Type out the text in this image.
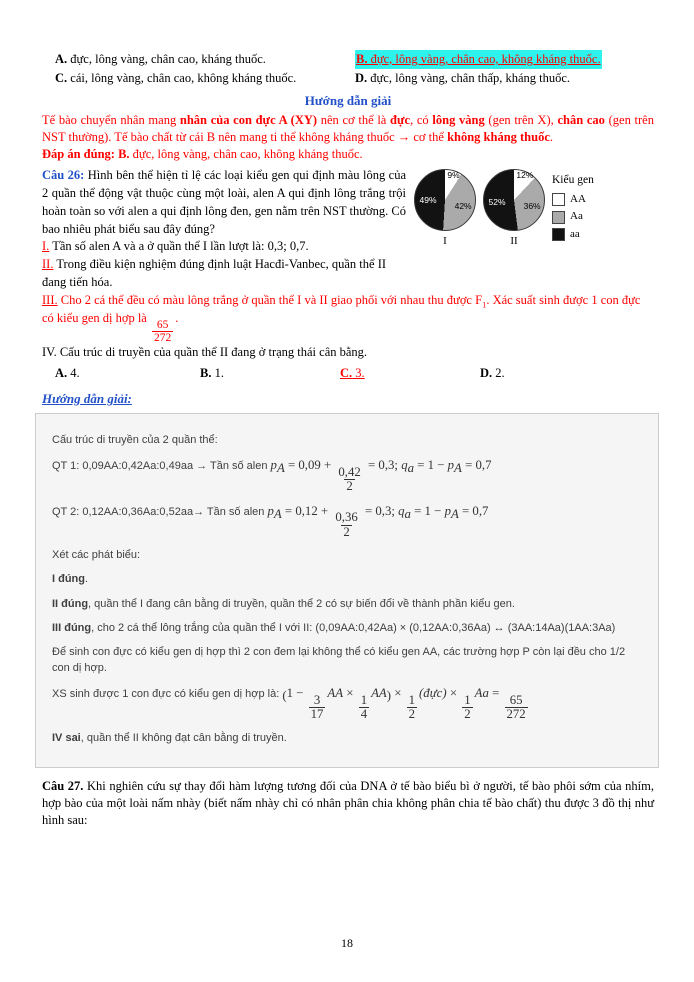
A. đực, lông vàng, chân cao, kháng thuốc.	B. đực, lông vàng, chân cao, không kháng thuốc.
C. cái, lông vàng, chân cao, không kháng thuốc.	D. đực, lông vàng, chân thấp, kháng thuốc.
Hướng dẫn giải

Tế bào chuyển nhân mang nhân của con đực A (XY) nên cơ thể là đực, có lông vàng (gen trên X), chân cao (gen trên NST thường). Tế bào chất từ cái B nên mang ti thể không kháng thuốc → cơ thể không kháng thuốc.

Đáp án đúng: B. đực, lông vàng, chân cao, không kháng thuốc.

9%
42%
49%
I
12%
36%
52%
II
Kiểu gen
AA
Aa
aa

Câu 26: Hình bên thể hiện tỉ lệ các loại kiểu gen qui định màu lông của 2 quần thể động vật thuộc cùng một loài, alen A qui định lông trắng trội hoàn toàn so với alen a qui định lông đen, gen nằm trên NST thường. Có bao nhiêu phát biểu sau đây đúng?

I. Tần số alen A và a ở quần thể I lần lượt là: 0,3; 0,7.

II. Trong điều kiện nghiệm đúng định luật Hacđi-Vanbec, quần thể II đang tiến hóa.

III. Cho 2 cá thể đều có màu lông trắng ở quần thể I và II giao phối với nhau thu được $F_1$. Xác suất sinh được 1 con đực có kiểu gen dị hợp là
$\frac{65}{272}$
.

IV. Cấu trúc di truyền của quần thể II đang ở trạng thái cân bằng.

A. 4.	B. 1.	C. 3.	D. 2.
Hướng dẫn giải:

Cấu trúc di truyền của 2 quần thể:

QT 1: 0,09AA:0,42Aa:0,49aa → Tần số alen $p_A = 0,09$ +
$\frac{0,42}{2}$
= 0,3; $q_a = 1 - p_A = 0,7$

QT 2: 0,12AA:0,36Aa:0,52aa→ Tần số alen $p_A = 0,12$ +
$\frac{0,36}{2}$
= 0,3; $q_a = 1 - p_A = 0,7$

Xét các phát biểu:

I đúng.

II đúng, quần thể I đang cân bằng di truyền, quần thể 2 có sự biến đổi về thành phần kiểu gen.

III đúng, cho 2 cá thể lông trắng của quần thể I với II: (0,09AA:0,42Aa) × (0,12AA:0,36Aa) ↔ (3AA:14Aa)(1AA:3Aa)

Để sinh con đực có kiểu gen dị hợp thì 2 con đem lại không thể có kiểu gen AA, các trường hợp P còn lại đều cho 1/2 con dị hợp.

XS sinh được 1 con đực có kiểu gen dị hợp là: (1 −
$\frac{3}{17}$
AA ×
$\frac{1}{4}$
AA) ×
$\frac{1}{2}$
(đực) ×
$\frac{1}{2}$
Aa =
$\frac{65}{272}$

IV sai, quần thể II không đạt cân bằng di truyền.

Câu 27. Khi nghiên cứu sự thay đổi hàm lượng tương đối của DNA ở tế bào biểu bì ở người, tế bào phôi sớm của nhím, hợp bào của một loài nấm nhày (biết nấm nhày chỉ có nhân phân chia không phân chia tế bào chất) thu được 3 đồ thị như hình sau:

18
